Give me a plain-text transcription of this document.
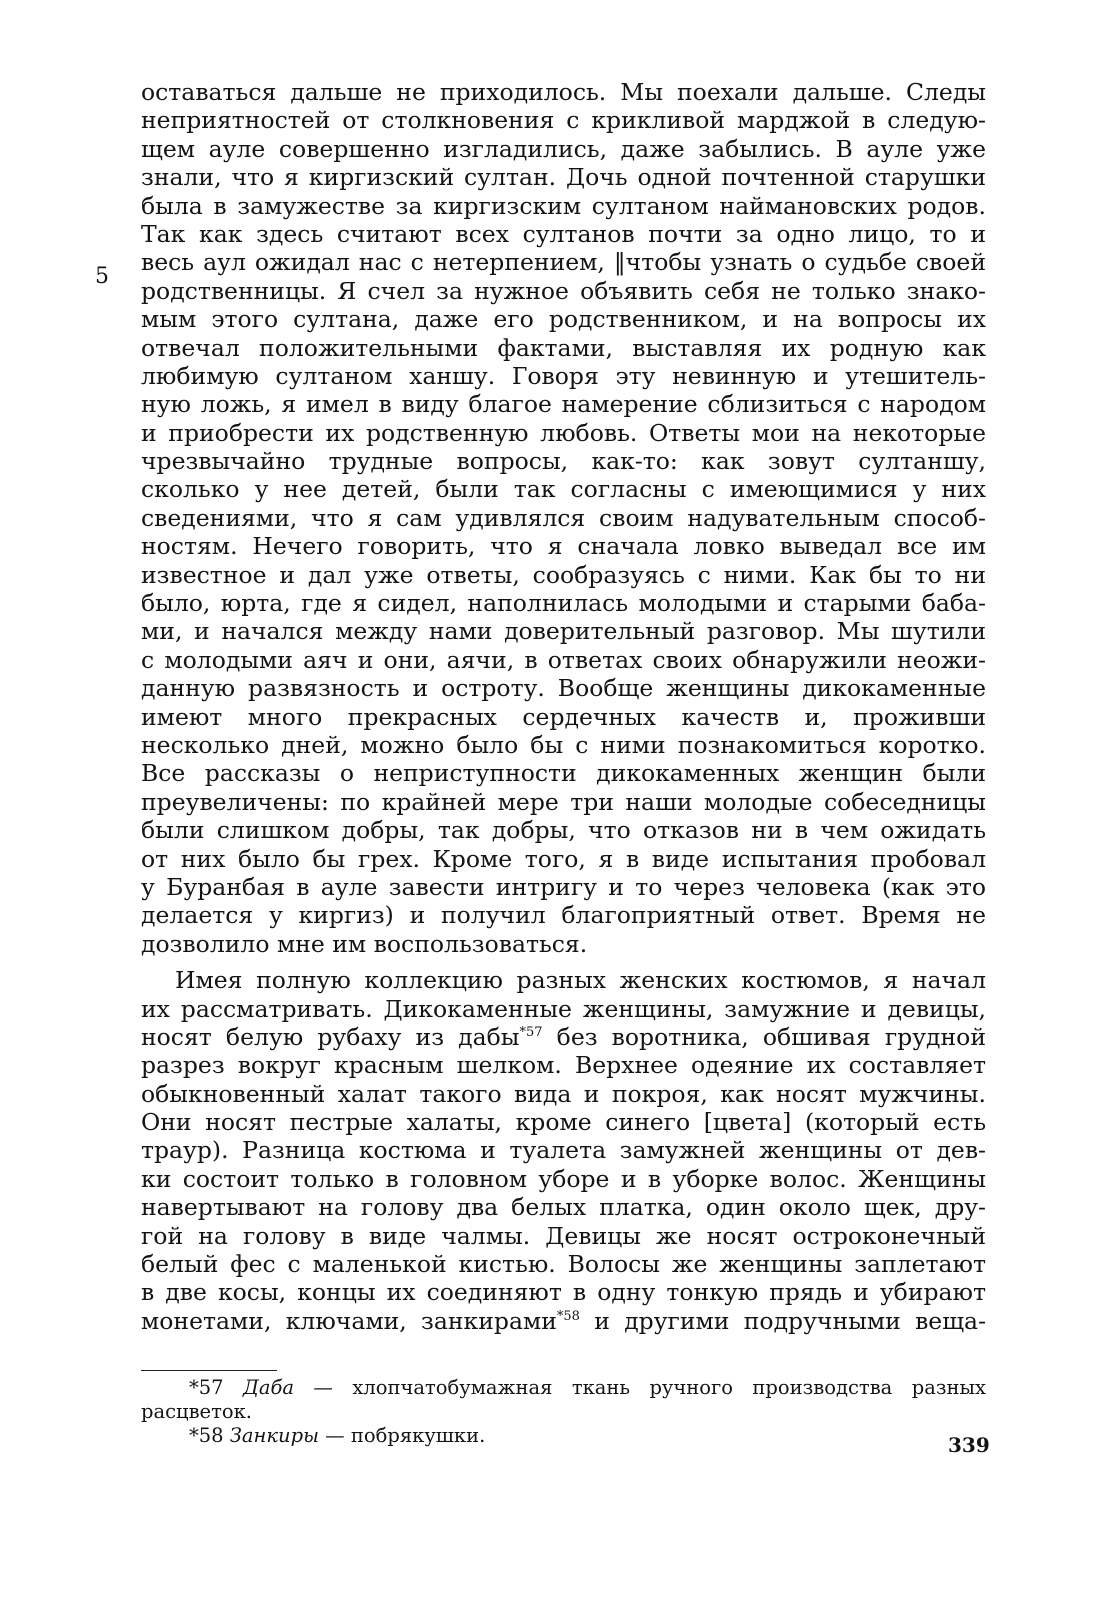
оставаться дальше не приходилось. Мы поехали дальше. Следы
неприятностей от столкновения с крикливой марджой в следую-
щем ауле совершенно изгладились, даже забылись. В ауле уже
знали, что я киргизский султан. Дочь одной почтенной старушки
была в замужестве за киргизским султаном наймановских родов.
Так как здесь считают всех султанов почти за одно лицо, то и
весь аул ожидал нас с нетерпением, ‖чтобы узнать о судьбе своей
родственницы. Я счел за нужное объявить себя не только знако-
мым этого султана, даже его родственником, и на вопросы их
отвечал положительными фактами, выставляя их родную как
любимую султаном ханшу. Говоря эту невинную и утешитель-
ную ложь, я имел в виду благое намерение сблизиться с народом
и приобрести их родственную любовь. Ответы мои на некоторые
чрезвычайно трудные вопросы, как-то: как зовут султаншу,
сколько у нее детей, были так согласны с имеющимися у них
сведениями, что я сам удивлялся своим надувательным способ-
ностям. Нечего говорить, что я сначала ловко выведал все им
известное и дал уже ответы, сообразуясь с ними. Как бы то ни
было, юрта, где я сидел, наполнилась молодыми и старыми баба-
ми, и начался между нами доверительный разговор. Мы шутили
с молодыми аяч и они, аячи, в ответах своих обнаружили неожи-
данную развязность и остроту. Вообще женщины дикокаменные
имеют много прекрасных сердечных качеств и, проживши
несколько дней, можно было бы с ними познакомиться коротко.
Все рассказы о неприступности дикокаменных женщин были
преувеличены: по крайней мере три наши молодые собеседницы
были слишком добры, так добры, что отказов ни в чем ожидать
от них было бы грех. Кроме того, я в виде испытания пробовал
у Буранбая в ауле завести интригу и то через человека (как это
делается у киргиз) и получил благоприятный ответ. Время не
дозволило мне им воспользоваться.
Имея полную коллекцию разных женских костюмов, я начал
их рассматривать. Дикокаменные женщины, замужние и девицы,
носят белую рубаху из дабы$^{*57}$ без воротника, обшивая грудной
разрез вокруг красным шелком. Верхнее одеяние их составляет
обыкновенный халат такого вида и покроя, как носят мужчины.
Они носят пестрые халаты, кроме синего [цвета] (который есть
траур). Разница костюма и туалета замужней женщины от дев-
ки состоит только в головном уборе и в уборке волос. Женщины
навертывают на голову два белых платка, один около щек, дру-
гой на голову в виде чалмы. Девицы же носят остроконечный
белый фес с маленькой кистью. Волосы же женщины заплетают
в две косы, концы их соединяют в одну тонкую прядь и убирают
монетами, ключами, занкирами$^{*58}$ и другими подручными веща-
5
*57 Даба — хлопчатобумажная ткань ручного производства разных
расцветок.
*58 Занкиры — побрякушки.	339
